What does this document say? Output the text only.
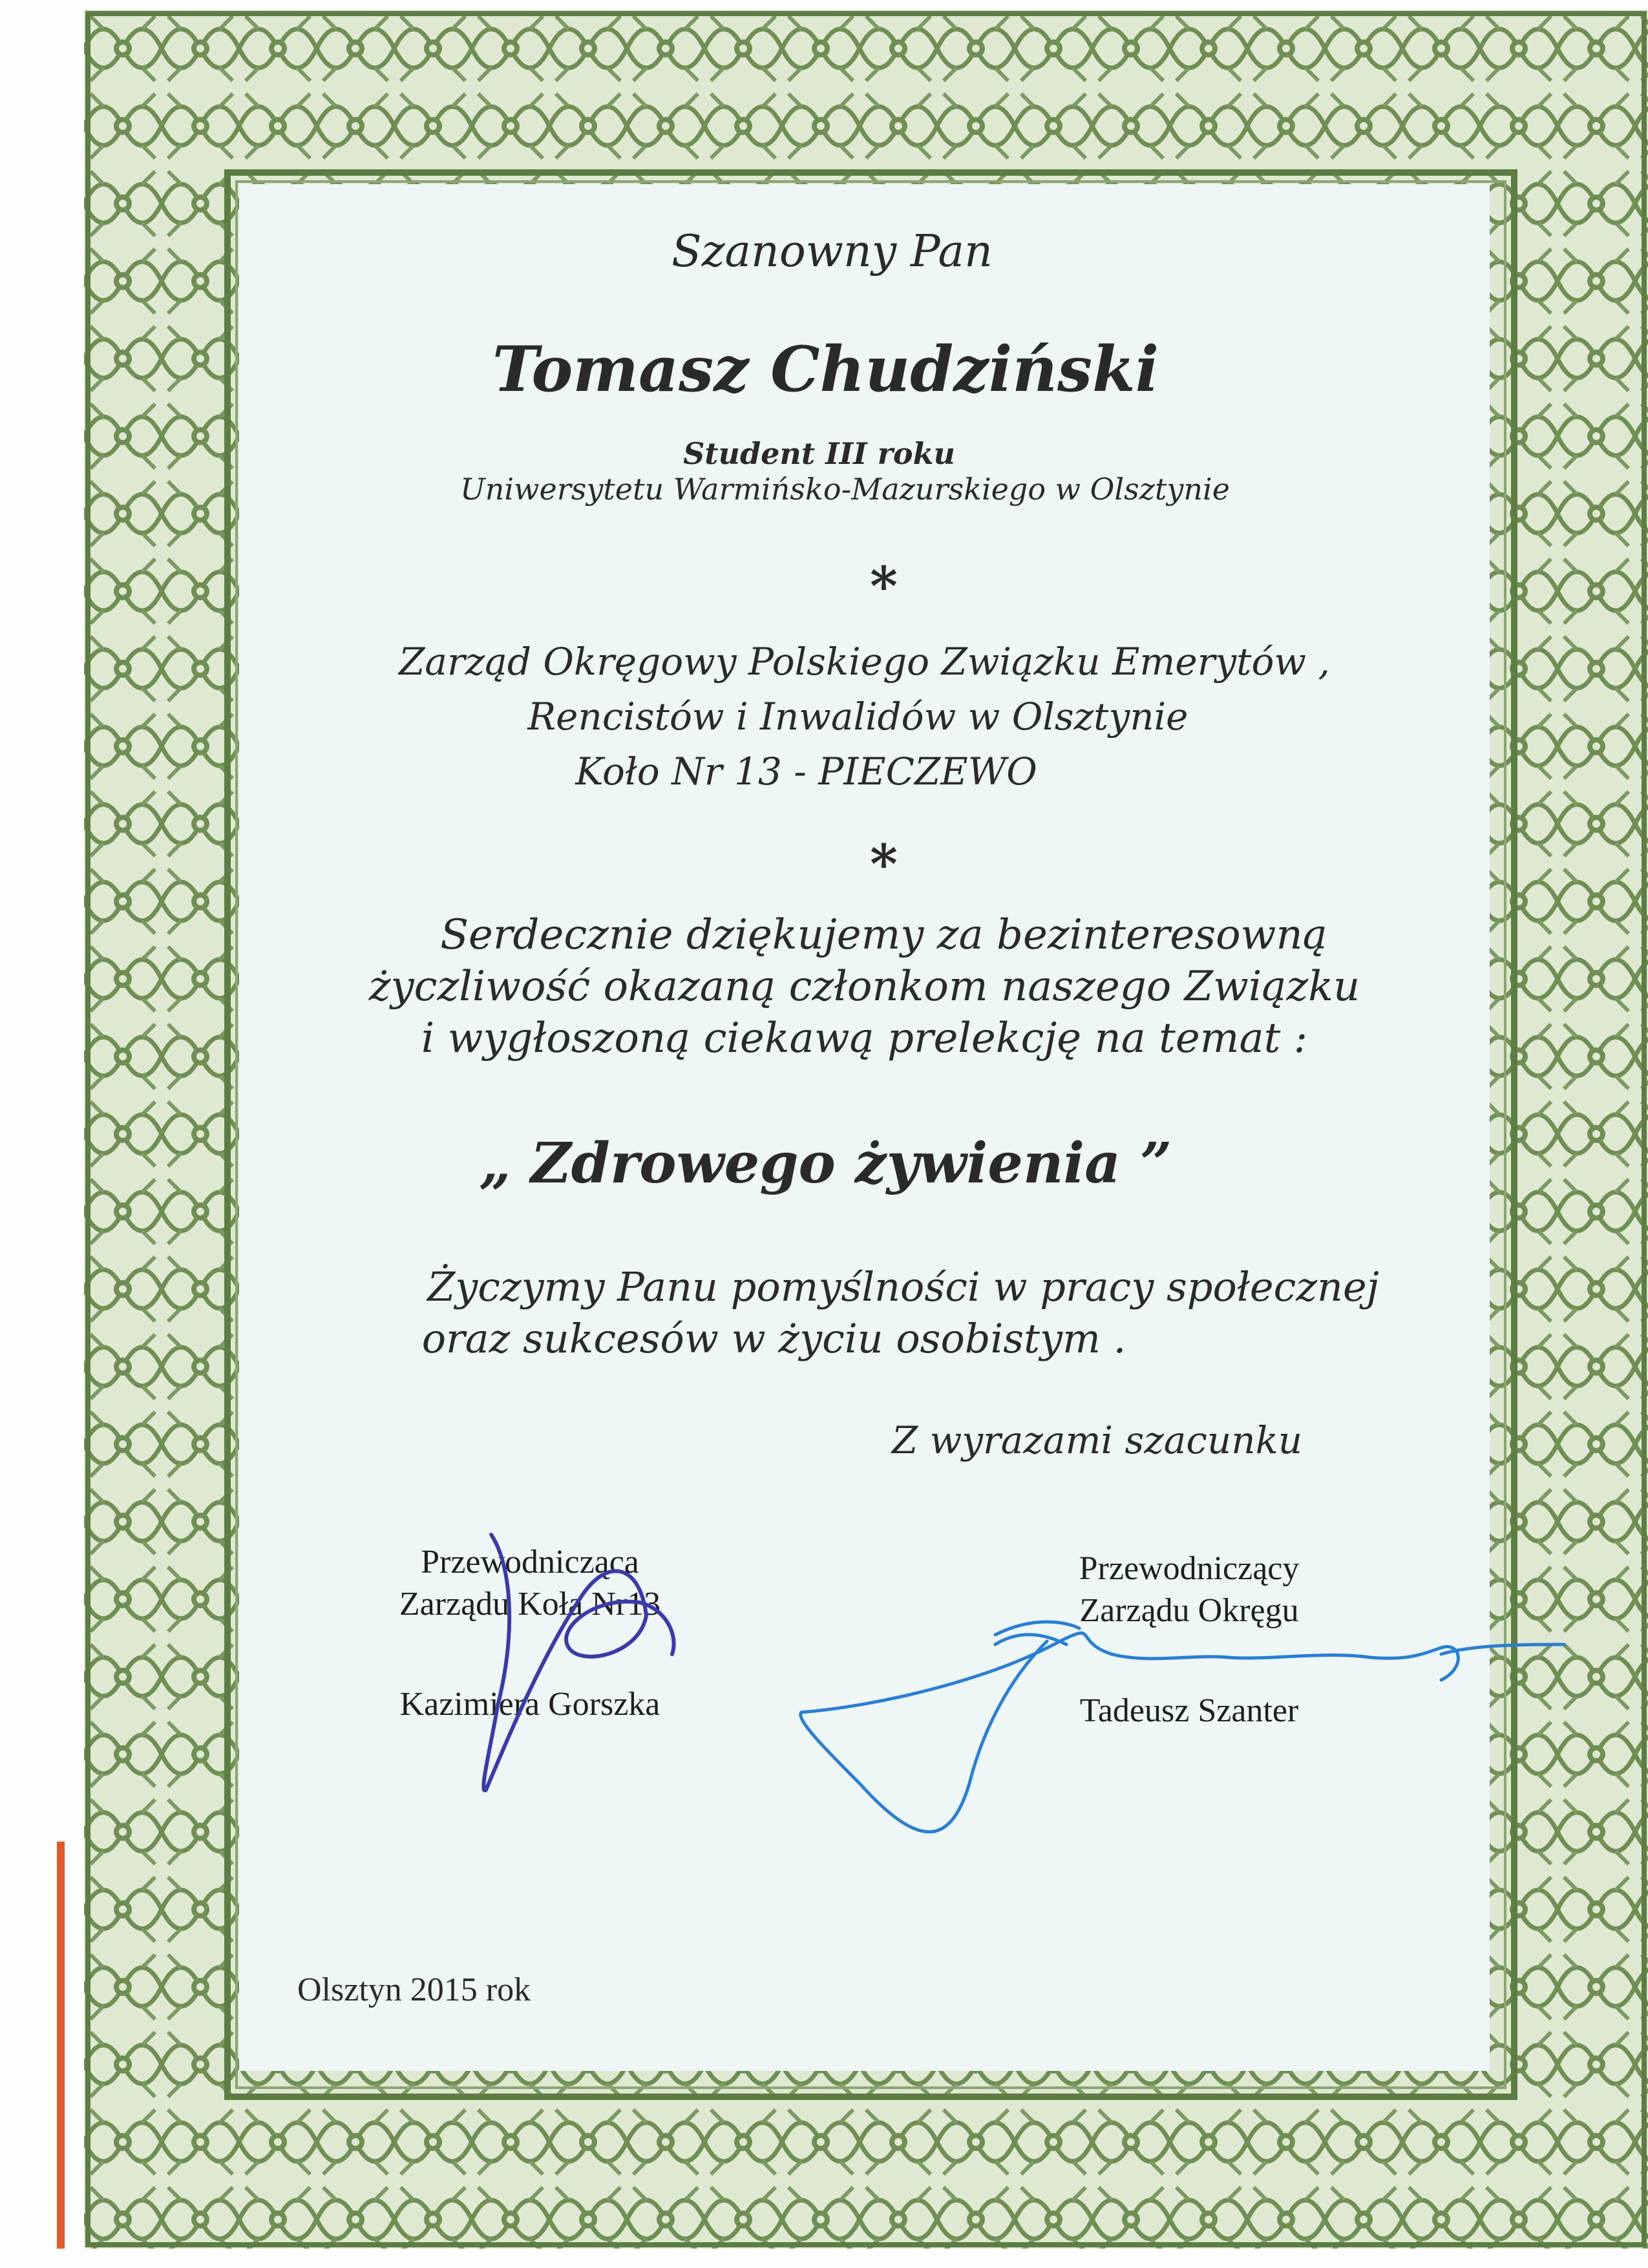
Szanowny Pan
Tomasz Chudziński
Student III roku
Uniwersytetu Warmińsko-Mazurskiego w Olsztynie
*
Zarząd Okręgowy Polskiego Związku Emerytów ,
Rencistów i Inwalidów w Olsztynie
Koło Nr 13 - PIECZEWO
*
Serdecznie dziękujemy za bezinteresowną
życzliwość okazaną członkom naszego Związku
i wygłoszoną ciekawą prelekcję na temat :
„ Zdrowego żywienia ”
Życzymy Panu pomyślności w pracy społecznej
oraz sukcesów w życiu osobistym .
Z wyrazami szacunku
Przewodnicząca
Zarządu Koła Nr13
Kazimiera Gorszka
Przewodniczący
Zarządu Okręgu
Tadeusz Szanter
Olsztyn 2015 rok
